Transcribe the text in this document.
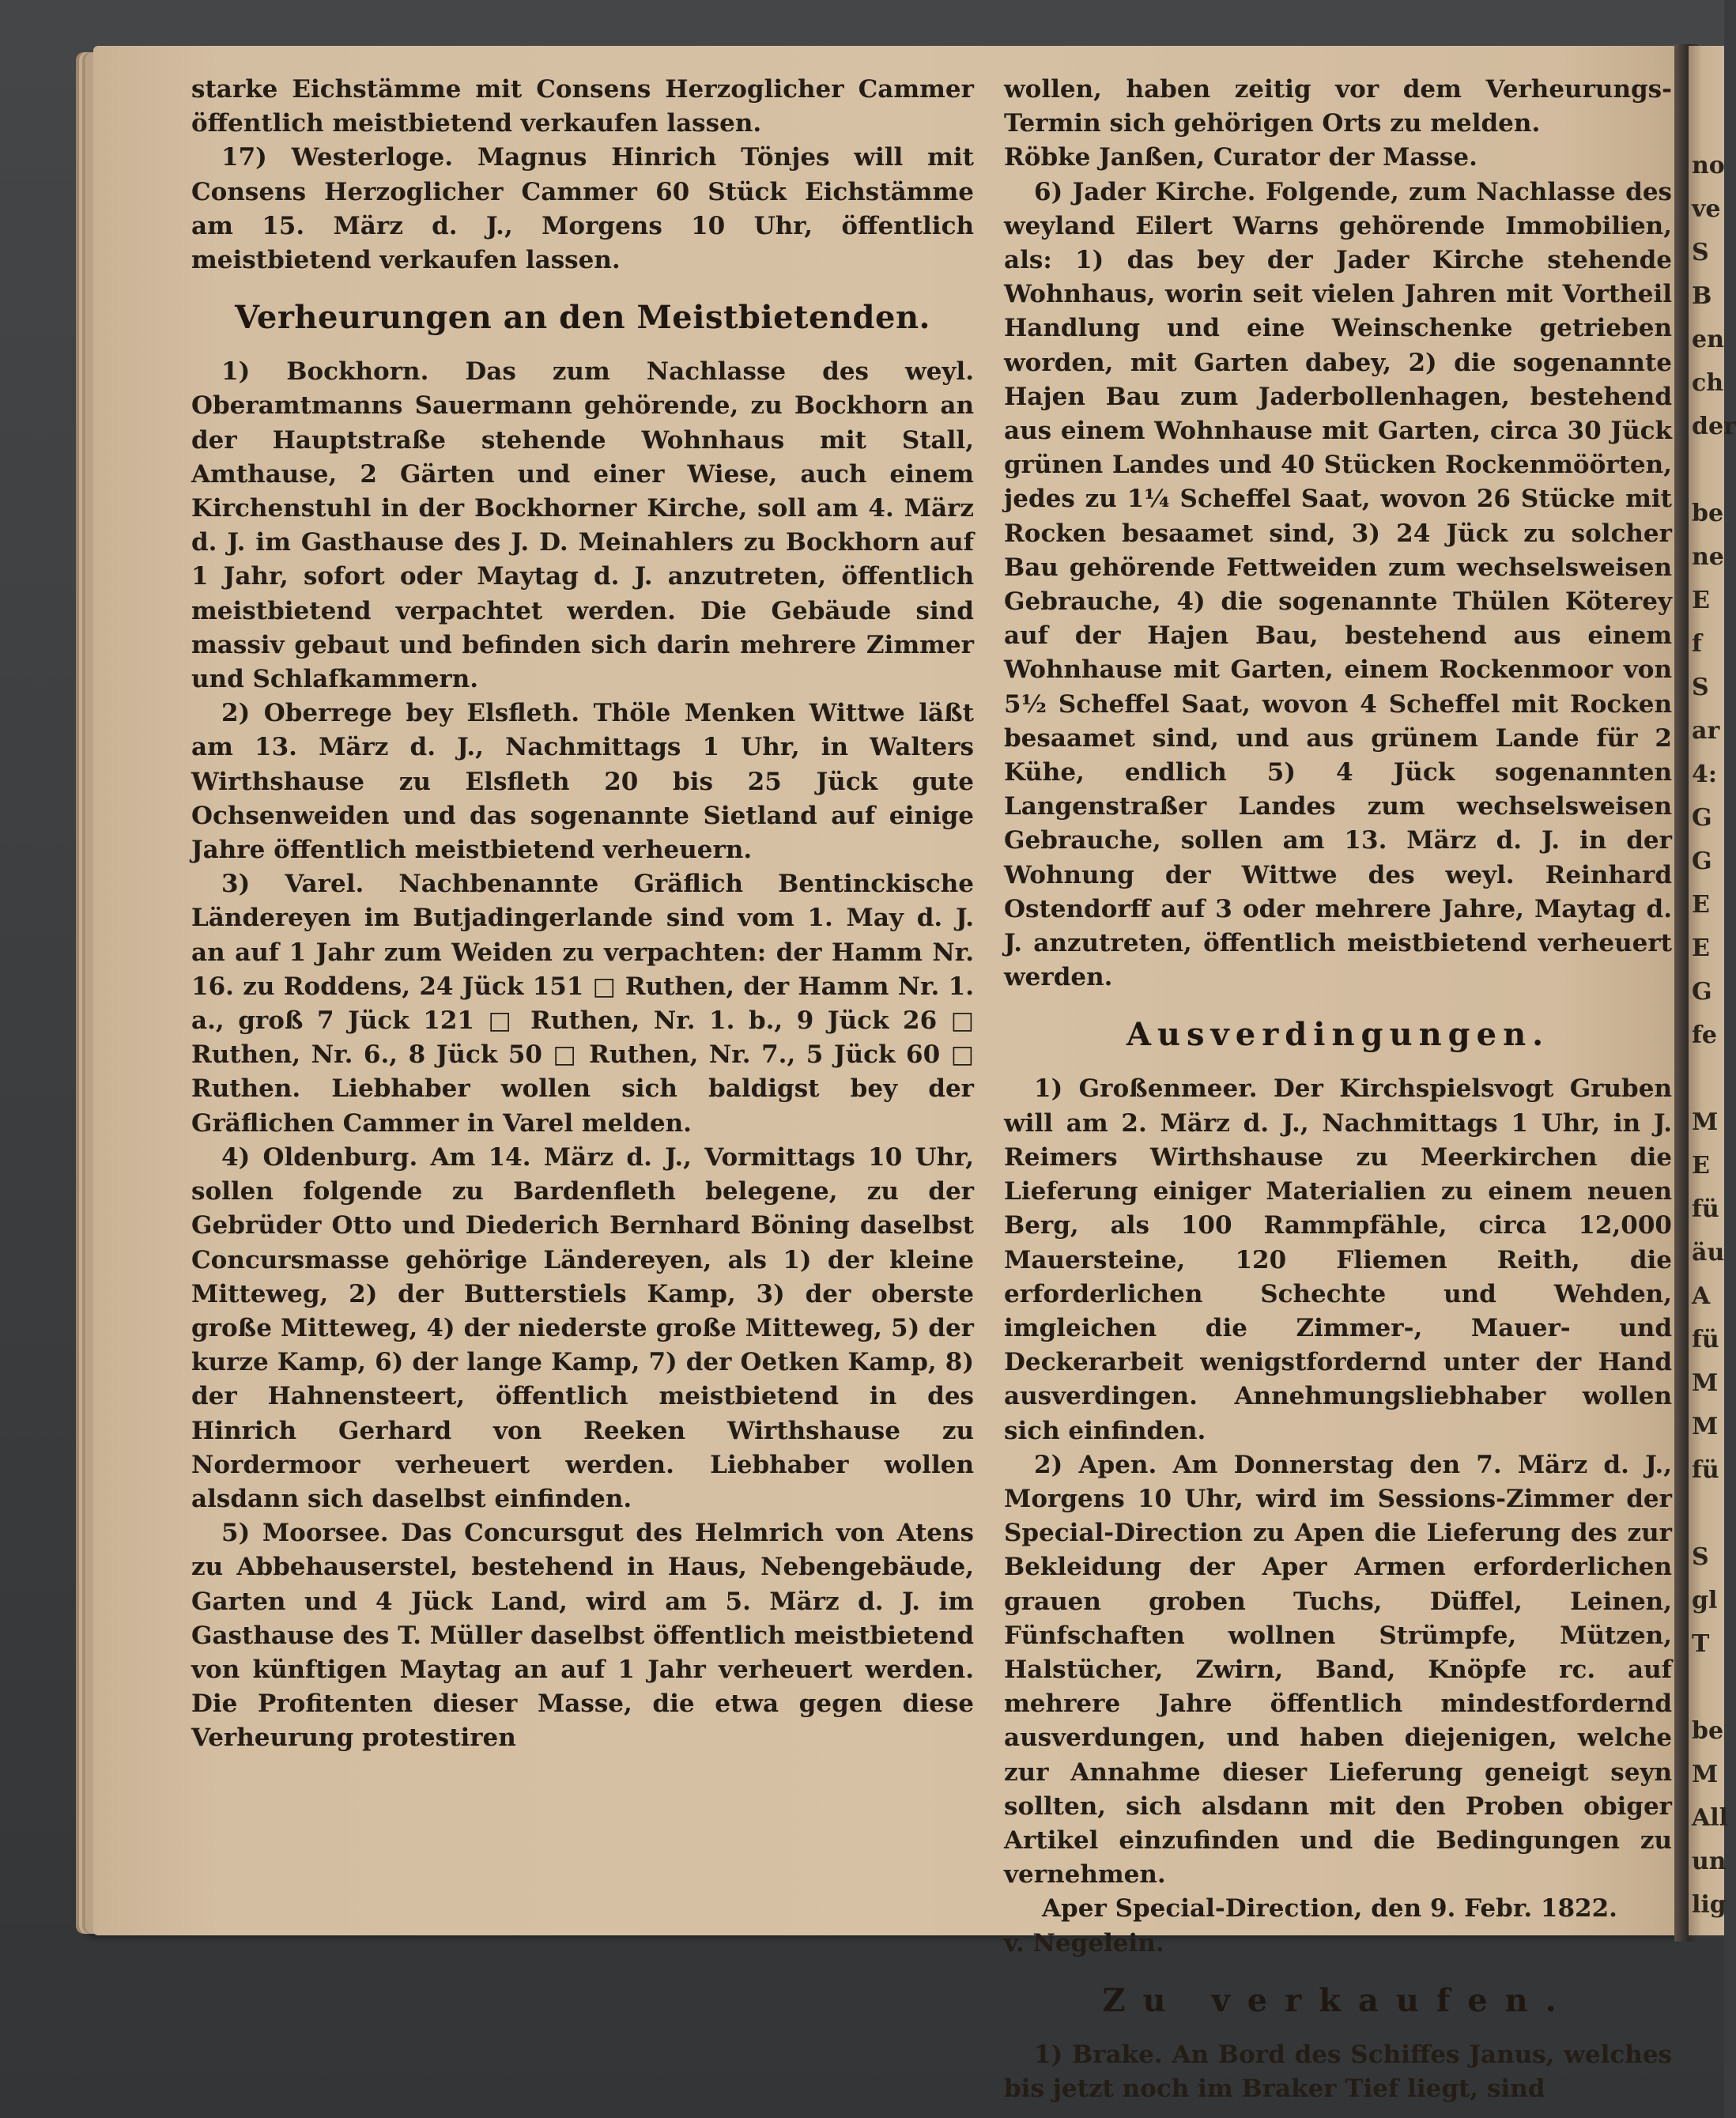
no
ve
S
B
en
ch
der
be
ne
E
f
S
ar
4:
G
G
E
E
G
fe
M
E
fü
äu
A
fü
M
M
fü
S
gl
T
be
M
All
un
lig

starke Eichstämme mit Consens Herzoglicher Cammer öffentlich meistbietend verkaufen lassen.

17) Westerloge. Magnus Hinrich Tönjes will mit Consens Herzoglicher Cammer 60 Stück Eichstämme am 15. März d. J., Morgens 10 Uhr, öffentlich meistbietend verkaufen lassen.

Verheurungen an den Meistbietenden.

1) Bockhorn. Das zum Nachlasse des weyl. Oberamtmanns Sauermann gehörende, zu Bockhorn an der Hauptstraße stehende Wohnhaus mit Stall, Amthause, 2 Gärten und einer Wiese, auch einem Kirchenstuhl in der Bockhorner Kirche, soll am 4. März d. J. im Gasthause des J. D. Meinahlers zu Bockhorn auf 1 Jahr, sofort oder Maytag d. J. anzutreten, öffentlich meistbietend verpachtet werden. Die Gebäude sind massiv gebaut und befinden sich darin mehrere Zimmer und Schlafkammern.

2) Oberrege bey Elsfleth. Thöle Menken Wittwe läßt am 13. März d. J., Nachmittags 1 Uhr, in Walters Wirthshause zu Elsfleth 20 bis 25 Jück gute Ochsenweiden und das sogenannte Sietland auf einige Jahre öffentlich meistbietend verheuern.

3) Varel. Nachbenannte Gräflich Bentinckische Ländereyen im Butjadingerlande sind vom 1. May d. J. an auf 1 Jahr zum Weiden zu verpachten: der Hamm Nr. 16. zu Roddens, 24 Jück 151 □ Ruthen, der Hamm Nr. 1. a., groß 7 Jück 121 □ Ruthen, Nr. 1. b., 9 Jück 26 □ Ruthen, Nr. 6., 8 Jück 50 □ Ruthen, Nr. 7., 5 Jück 60 □ Ruthen. Liebhaber wollen sich baldigst bey der Gräflichen Cammer in Varel melden.

4) Oldenburg. Am 14. März d. J., Vormittags 10 Uhr, sollen folgende zu Bardenfleth belegene, zu der Gebrüder Otto und Diederich Bernhard Böning daselbst Concursmasse gehörige Ländereyen, als 1) der kleine Mitteweg, 2) der Butterstiels Kamp, 3) der oberste große Mitteweg, 4) der niederste große Mitteweg, 5) der kurze Kamp, 6) der lange Kamp, 7) der Oetken Kamp, 8) der Hahnensteert, öffentlich meistbietend in des Hinrich Gerhard von Reeken Wirthshause zu Nordermoor verheuert werden. Liebhaber wollen alsdann sich daselbst einfinden.

5) Moorsee. Das Concursgut des Helmrich von Atens zu Abbehauserstel, bestehend in Haus, Nebengebäude, Garten und 4 Jück Land, wird am 5. März d. J. im Gasthause des T. Müller daselbst öffentlich meistbietend von künftigen Maytag an auf 1 Jahr verheuert werden. Die Profitenten dieser Masse, die etwa gegen diese Verheurung protestiren

wollen, haben zeitig vor dem Verheurungs-Termin sich gehörigen Orts zu melden.

Röbke Janßen, Curator der Masse.

6) Jader Kirche. Folgende, zum Nachlasse des weyland Eilert Warns gehörende Immobilien, als: 1) das bey der Jader Kirche stehende Wohnhaus, worin seit vielen Jahren mit Vortheil Handlung und eine Weinschenke getrieben worden, mit Garten dabey, 2) die sogenannte Hajen Bau zum Jaderbollenhagen, bestehend aus einem Wohnhause mit Garten, circa 30 Jück grünen Landes und 40 Stücken Rockenmöörten, jedes zu 1¼ Scheffel Saat, wovon 26 Stücke mit Rocken besaamet sind, 3) 24 Jück zu solcher Bau gehörende Fettweiden zum wechselsweisen Gebrauche, 4) die sogenannte Thülen Köterey auf der Hajen Bau, bestehend aus einem Wohnhause mit Garten, einem Rockenmoor von 5½ Scheffel Saat, wovon 4 Scheffel mit Rocken besaamet sind, und aus grünem Lande für 2 Kühe, endlich 5) 4 Jück sogenannten Langenstraßer Landes zum wechselsweisen Gebrauche, sollen am 13. März d. J. in der Wohnung der Wittwe des weyl. Reinhard Ostendorff auf 3 oder mehrere Jahre, Maytag d. J. anzutreten, öffentlich meistbietend verheuert werden.

Ausverdingungen.

1) Großenmeer. Der Kirchspielsvogt Gruben will am 2. März d. J., Nachmittags 1 Uhr, in J. Reimers Wirthshause zu Meerkirchen die Lieferung einiger Materialien zu einem neuen Berg, als 100 Rammpfähle, circa 12,000 Mauersteine, 120 Fliemen Reith, die erforderlichen Schechte und Wehden, imgleichen die Zimmer-, Mauer- und Deckerarbeit wenigstfordernd unter der Hand ausverdingen. Annehmungsliebhaber wollen sich einfinden.

2) Apen. Am Donnerstag den 7. März d. J., Morgens 10 Uhr, wird im Sessions-Zimmer der Special-Direction zu Apen die Lieferung des zur Bekleidung der Aper Armen erforderlichen grauen groben Tuchs, Düffel, Leinen, Fünfschaften wollnen Strümpfe, Mützen, Halstücher, Zwirn, Band, Knöpfe rc. auf mehrere Jahre öffentlich mindestfordernd ausverdungen, und haben diejenigen, welche zur Annahme dieser Lieferung geneigt seyn sollten, sich alsdann mit den Proben obiger Artikel einzufinden und die Bedingungen zu vernehmen.

Aper Special-Direction, den 9. Febr. 1822.

v. Negelein.

Zu verkaufen.

1) Brake. An Bord des Schiffes Janus, welches bis jetzt noch im Braker Tief liegt, sind
